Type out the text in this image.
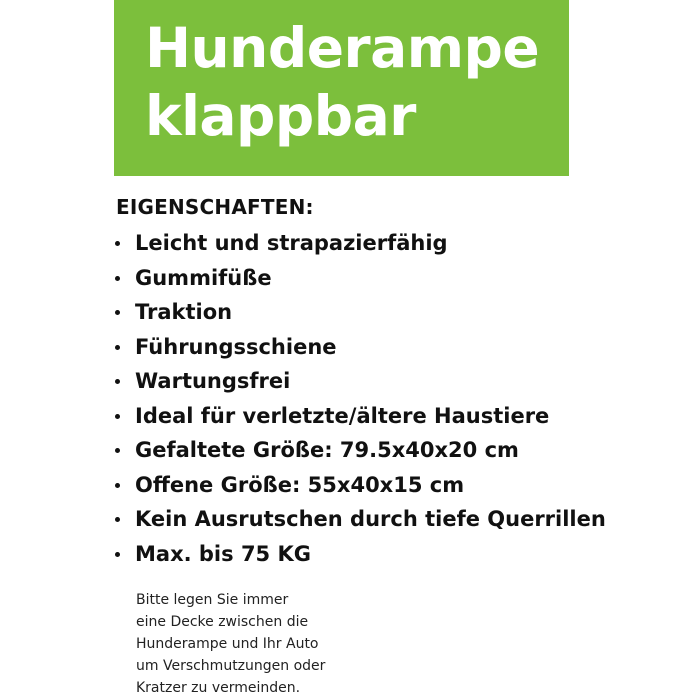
Hunderampe
klappbar
EIGENSCHAFTEN:
Leicht und strapazierfähig
Gummifüße
Traktion
Führungsschiene
Wartungsfrei
Ideal für verletzte/ältere Haustiere
Gefaltete Größe: 79.5x40x20 cm
Offene Größe: 55x40x15 cm
Kein Ausrutschen durch tiefe Querrillen
Max. bis 75 KG

Bitte legen Sie immer
eine Decke zwischen die
Hunderampe und Ihr Auto
um Verschmutzungen oder
Kratzer zu vermeinden.
